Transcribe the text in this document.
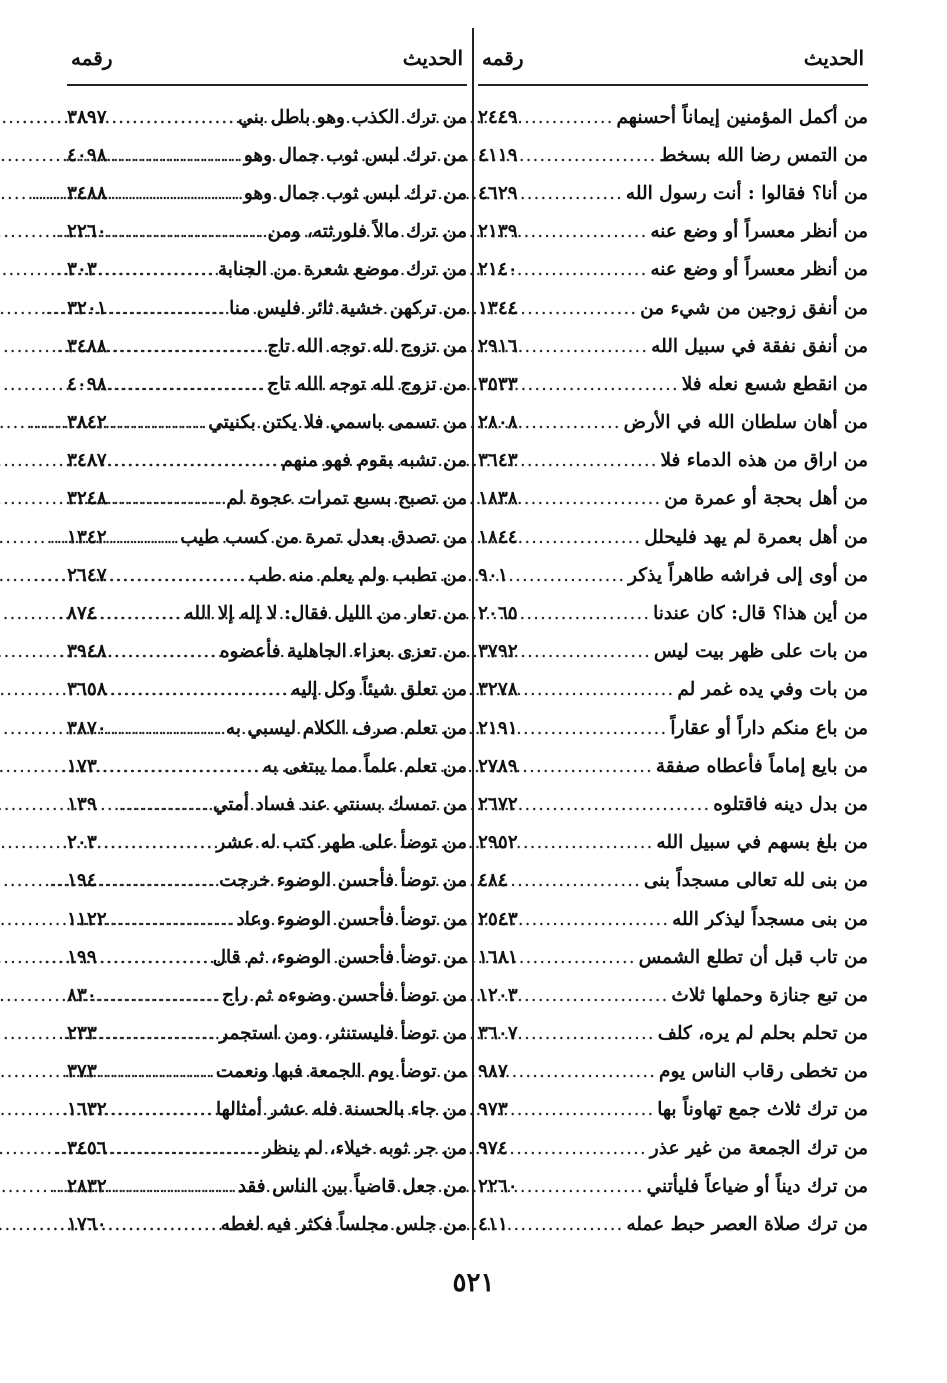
الحديث
رقمه
من أكمل المؤمنين إيماناً أحسنهم
.....
٢٤٤٩
من التمس رضا الله بسخط
.....
٤١١٩
من أنا؟ فقالوا : أنت رسول الله
.....
٤٦٢٩
من أنظر معسراً أو وضع عنه
.....
٢١٣٩
من أنظر معسراً أو وضع عنه
.....
٢١٤٠
من أنفق زوجين من شيء من
.....
١٣٤٤
من أنفق نفقة في سبيل الله
.....
٢٩١٦
من انقطع شسع نعله فلا
.....
٣٥٣٣
من أهان سلطان الله في الأرض
.....
٢٨٠٨
من اراق من هذه الدماء فلا
.....
٣٦٤٣
من أهل بحجة أو عمرة من
.....
١٨٣٨
من أهل بعمرة لم يهد فليحلل
.....
١٨٤٤
من أوى إلى فراشه طاهراً يذكر
.....
٩٠١
من أين هذا؟ قال: كان عندنا
.....
٢٠٦٥
من بات على ظهر بيت ليس
.....
٣٧٩٢
من بات وفي يده غمر لم
.....
٣٢٧٨
من باع منكم داراً أو عقاراً
.....
٢١٩١
من بايع إماماً فأعطاه صفقة
.....
٢٧٨٩
من بدل دينه فاقتلوه
.....
٢٦٧٢
من بلغ بسهم في سبيل الله
.....
٢٩٥٢
من بنى لله تعالى مسجداً بنى
.....
٤٨٤
من بنى مسجداً ليذكر الله
.....
٢٥٤٣
من تاب قبل أن تطلع الشمس
.....
١٦٨١
من تبع جنازة وحملها ثلاث
.....
١٢٠٣
من تحلم بحلم لم يره، كلف
.....
٣٦٠٧
من تخطى رقاب الناس يوم
.....
٩٨٧
من ترك ثلاث جمع تهاوناً بها
.....
٩٧٣
من ترك الجمعة من غير عذر
.....
٩٧٤
من ترك ديناً أو ضياعاً فليأتني
.....
٢٢٦٠
من ترك صلاة العصر حبط عمله
.....
٤١١
الحديث
رقمه
من ترك الكذب وهو باطل بني
.....
٣٨٩٧
من ترك لبس ثوب جمال وهو
.....
٤٠٩٨
من ترك لبس ثوب جمال وهو
.....
٣٤٨٨
من ترك مالاً فلورثته، ومن
.....
٢٢٦٠
من ترك موضع شعرة من الجنابة
.....
٣٠٣
من تركهن خشية ثائر فليس منا
.....
٣٢٠١
من تزوج لله توجه الله تاج
.....
٣٤٨٨
من تزوج لله توجه الله تاج
.....
٤٠٩٨
من تسمى باسمي فلا يكتن بكنيتي
.....
٣٨٤٢
من تشبه بقوم فهو منهم
.....
٣٤٨٧
من تصبح بسبع تمرات عجوة لم
.....
٣٢٤٨
من تصدق بعدل تمرة من كسب طيب
.....
١٣٤٢
من تطبب ولم يعلم منه طب
.....
٢٦٤٧
من تعار من الليل فقال: لا إله إلا الله
.....
٨٧٤
من تعزى بعزاء الجاهلية فأعضوه
.....
٣٩٤٨
من تعلق شيئاً وكل إليه
.....
٣٦٥٨
من تعلم صرف الكلام ليسبي به
.....
٣٨٧٠
من تعلم علماً مما يبتغى به
.....
١٧٣
من تمسك بسنتي عند فساد أمتي
.....
١٣٩
من توضأ على طهر كتب له عشر
.....
٢٠٣
من توضأ فأحسن الوضوء خرجت
.....
١٩٤
من توضأ فأحسن الوضوء وعاد
.....
١١٢٢
من توضأ فأحسن الوضوء، ثم قال
.....
١٩٩
من توضأ فأحسن وضوءه ثم راح
.....
٨٣٠
من توضأ فليستنثر، ومن استجمر
.....
٢٣٣
من توضأ يوم الجمعة فبها ونعمت
.....
٣٧٣
من جاء بالحسنة فله عشر أمثالها
.....
١٦٣٢
من جر ثوبه خيلاء، لم ينظر
.....
٣٤٥٦
من جعل قاضياً بين الناس فقد
.....
٢٨٣٢
من جلس مجلساً فكثر فيه لغطه
.....
١٧٦٠
٥٢١
